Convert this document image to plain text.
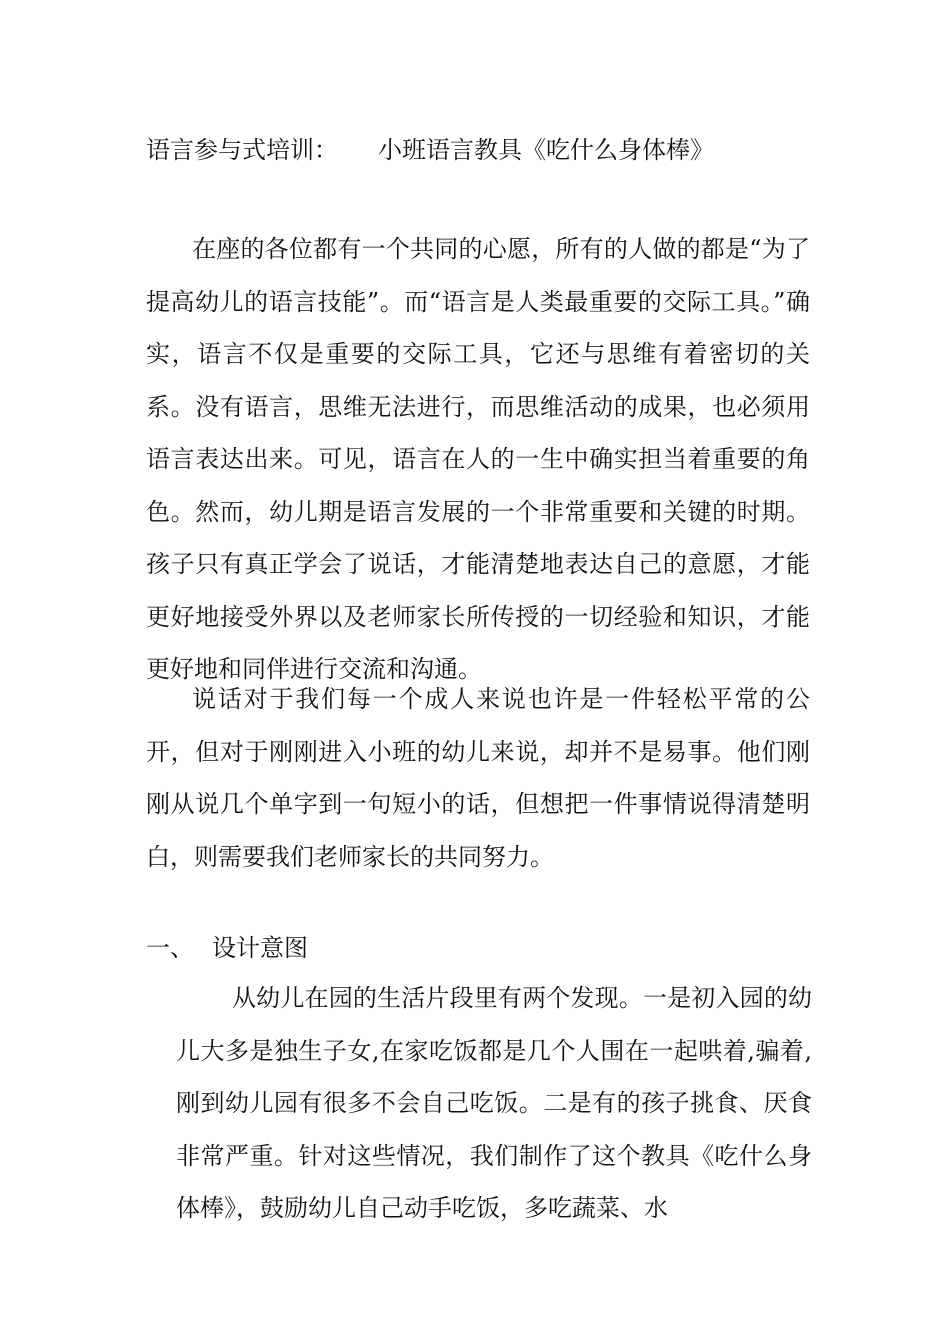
语言参与式培训： 小班语言教具《吃什么身体棒》

在座的各位都有一个共同的心愿，所有的人做的都是“为了提高幼儿的语言技能”。而“语言是人类最重要的交际工具。”确实，语言不仅是重要的交际工具，它还与思维有着密切的关系。没有语言，思维无法进行，而思维活动的成果，也必须用语言表达出来。可见，语言在人的一生中确实担当着重要的角色。然而，幼儿期是语言发展的一个非常重要和关键的时期。孩子只有真正学会了说话，才能清楚地表达自己的意愿，才能更好地接受外界以及老师家长所传授的一切经验和知识，才能更好地和同伴进行交流和沟通。

说话对于我们每一个成人来说也许是一件轻松平常的公开，但对于刚刚进入小班的幼儿来说，却并不是易事。他们刚刚从说几个单字到一句短小的话，但想把一件事情说得清楚明白，则需要我们老师家长的共同努力。

一、 设计意图

从幼儿在园的生活片段里有两个发现。一是初入园的幼儿大多是独生子女,在家吃饭都是几个人围在一起哄着,骗着,刚到幼儿园有很多不会自己吃饭。二是有的孩子挑食、厌食非常严重。针对这些情况，我们制作了这个教具《吃什么身体棒》，鼓励幼儿自己动手吃饭，多吃蔬菜、水
